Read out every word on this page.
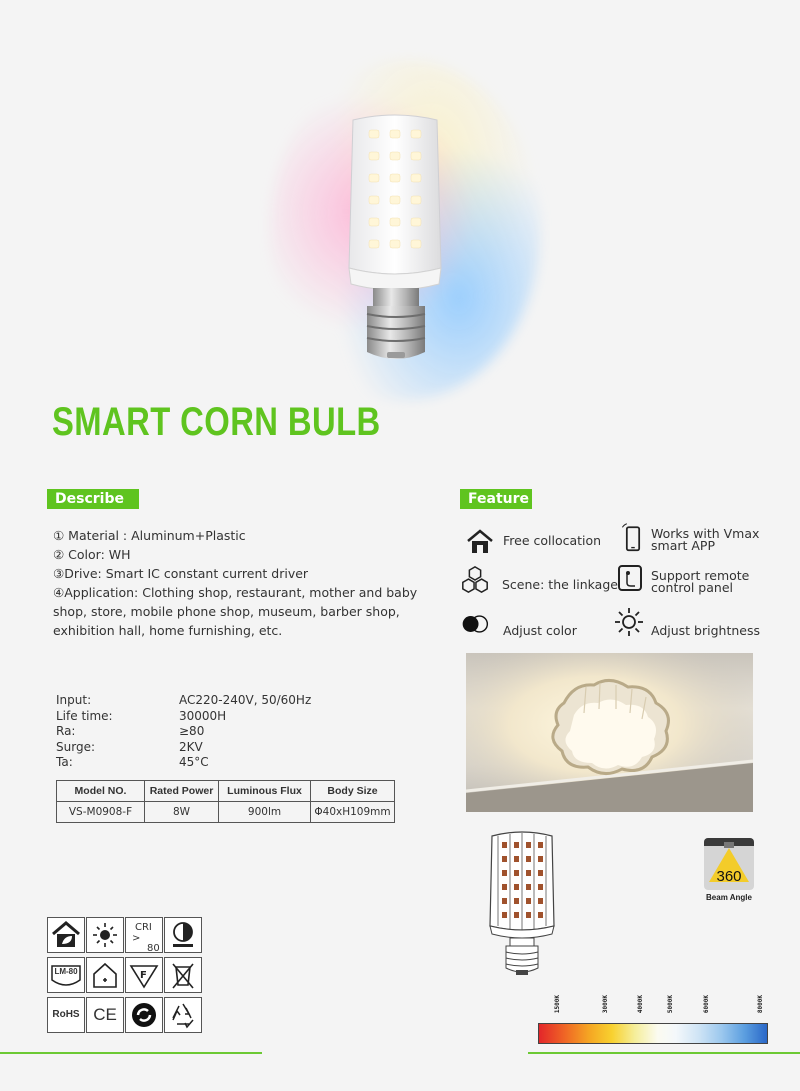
SMART CORN BULB
Describe
① Material : Aluminum+Plastic
② Color: WH
③Drive: Smart IC constant current driver
④Application: Clothing shop, restaurant, mother and baby shop, store, mobile phone shop, museum, barber shop, exhibition hall, home furnishing, etc.
Feature
Free collocation	Works with Vmax smart APP
Scene: the linkage
Support remote control panel
Adjust color	Adjust brightness
Input:	AC220-240V, 50/60Hz
Life time:	30000H
Ra:	≥80
Surge:	2KV
Ta:	45°C
Model NO.	Rated Power	Luminous Flux	Body Size
VS-M0908-F	8W	900lm	Φ40xH109mm
360
Beam Angle
CRI
>
80
LM-80	F
RoHS CE
1500K	3000K	4000K	5000K	6000K	8000K
